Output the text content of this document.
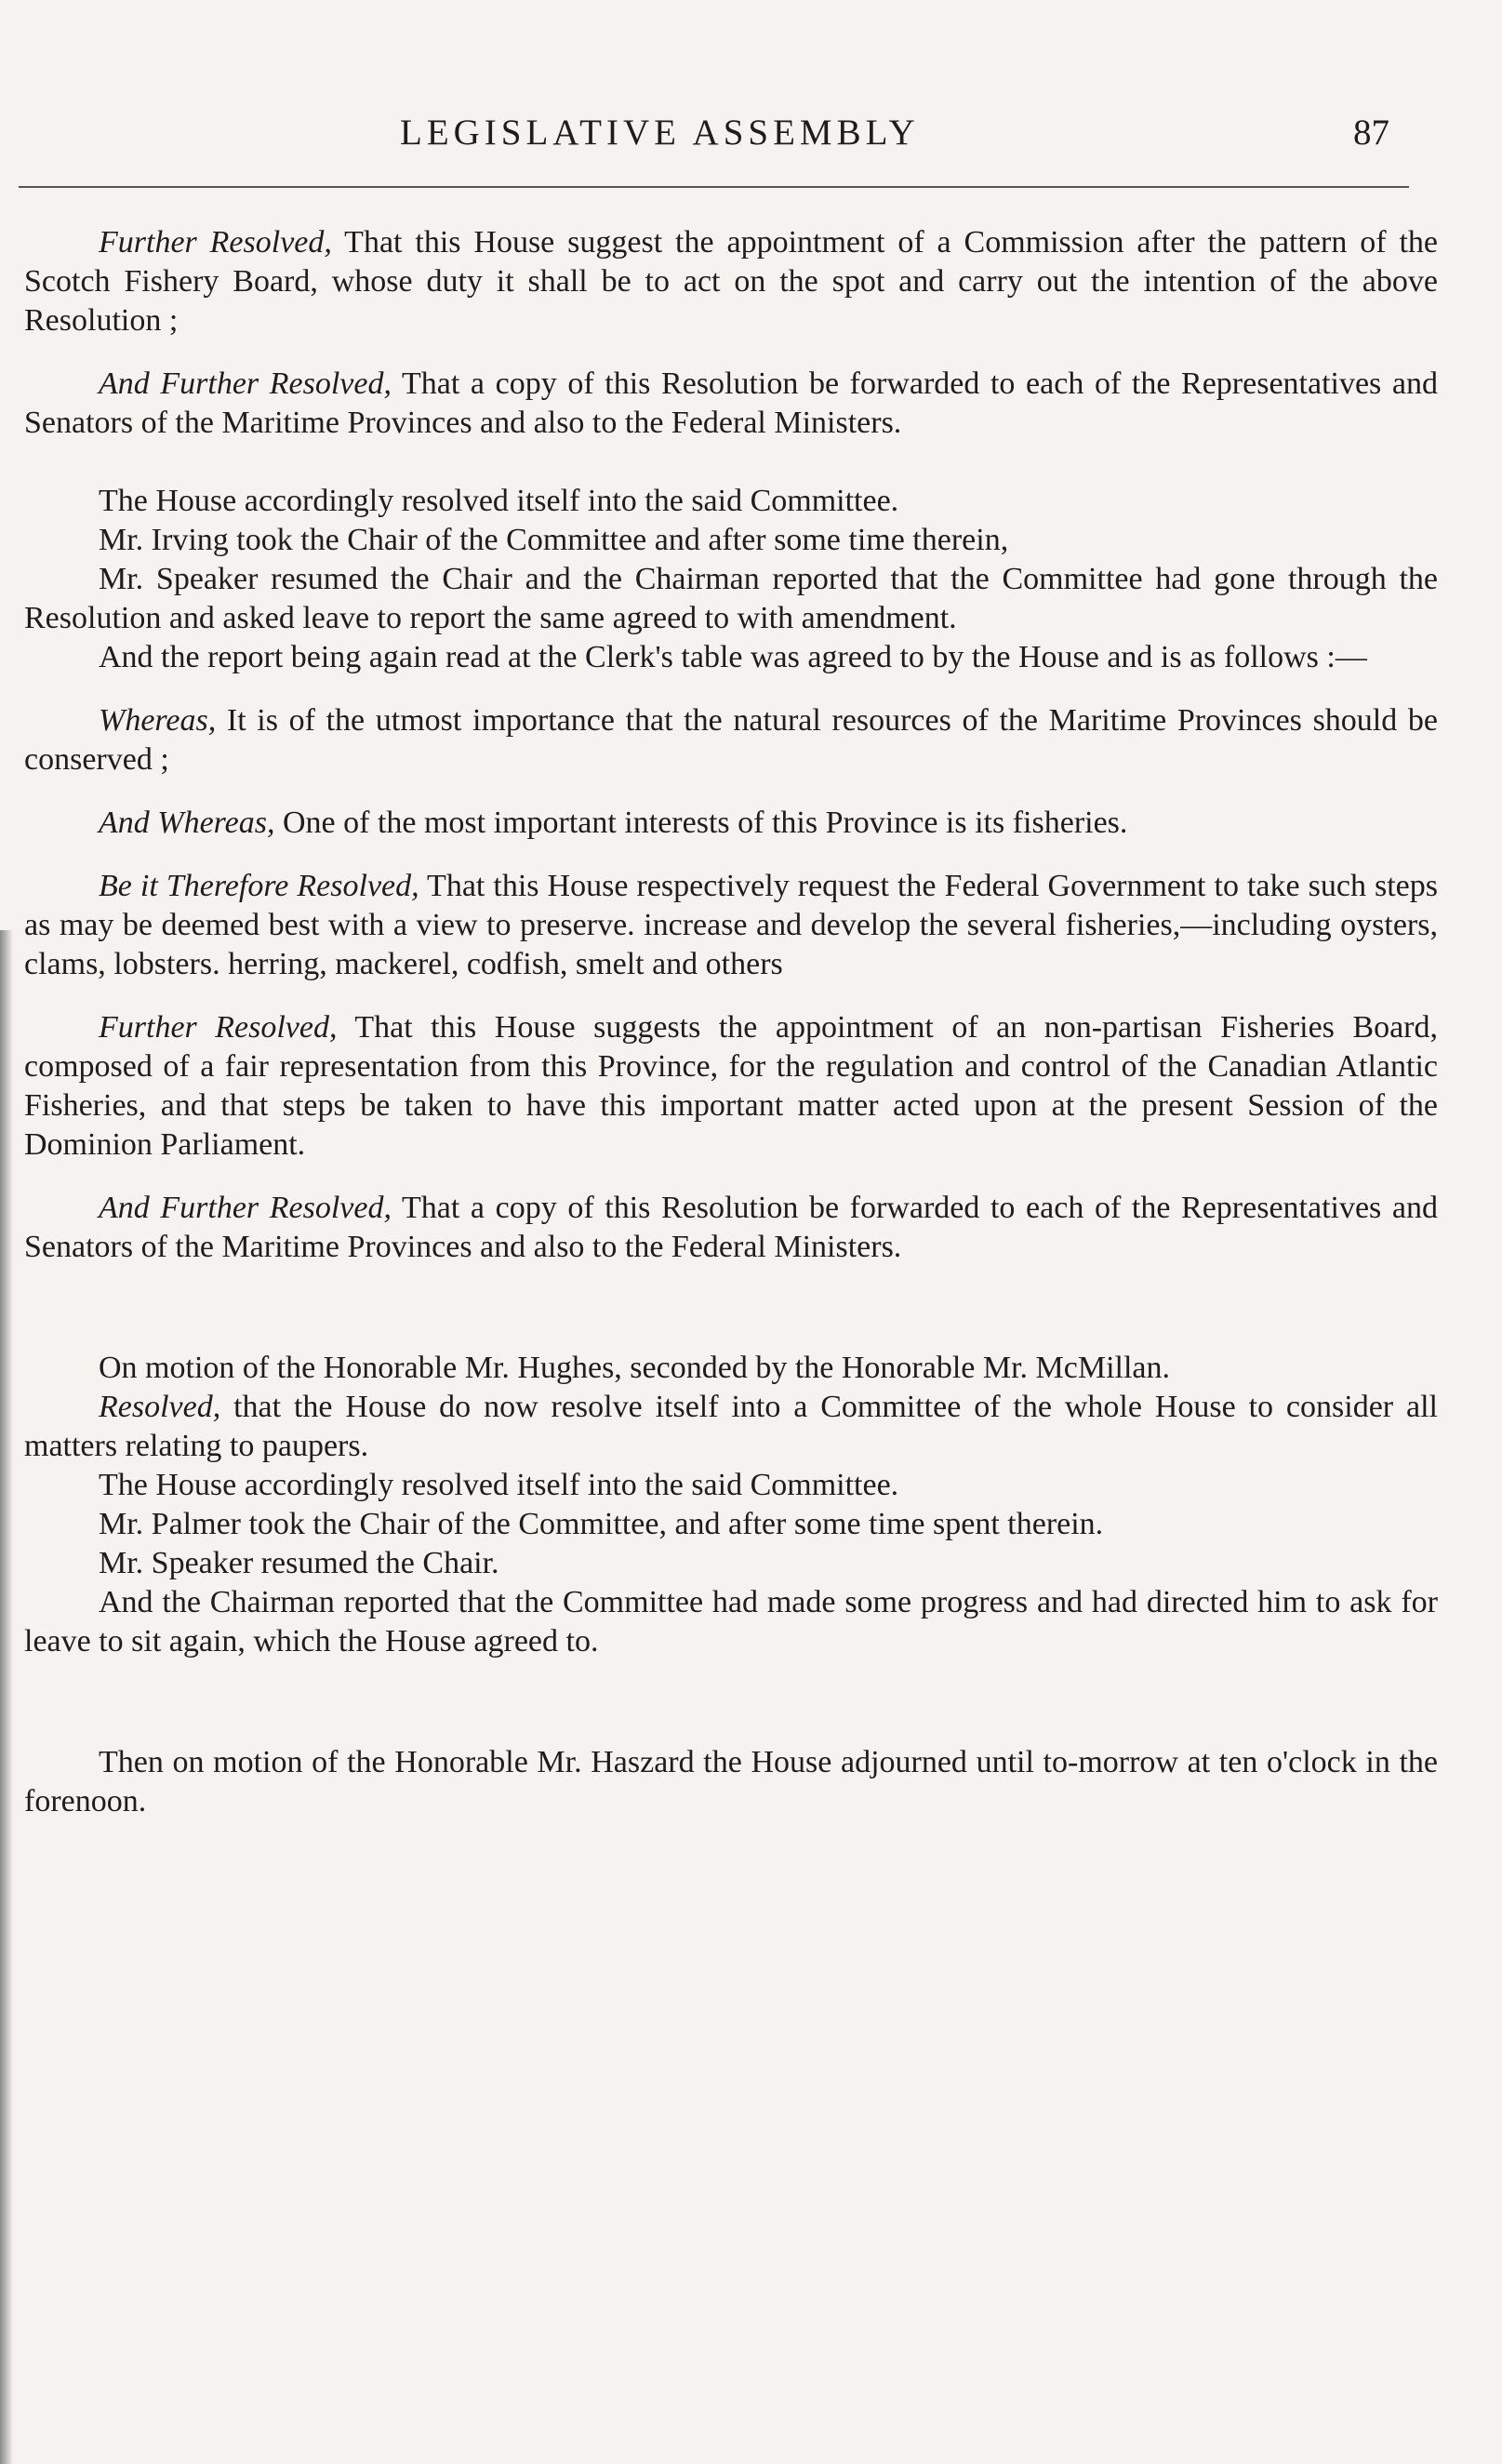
LEGISLATIVE ASSEMBLY	87

Further Resolved, That this House suggest the appointment of a Commission after the pattern of the Scotch Fishery Board, whose duty it shall be to act on the spot and carry out the intention of the above Resolution ;

And Further Resolved, That a copy of this Resolution be forwarded to each of the Representatives and Senators of the Maritime Provinces and also to the Federal Ministers.

The House accordingly resolved itself into the said Committee.

Mr. Irving took the Chair of the Committee and after some time therein,

Mr. Speaker resumed the Chair and the Chairman reported that the Committee had gone through the Resolution and asked leave to report the same agreed to with amendment.

And the report being again read at the Clerk's table was agreed to by the House and is as follows :—

Whereas, It is of the utmost importance that the natural resources of the Maritime Provinces should be conserved ;

And Whereas, One of the most important interests of this Province is its fisheries.

Be it Therefore Resolved, That this House respectively request the Federal Government to take such steps as may be deemed best with a view to preserve. increase and develop the several fisheries,—including oysters, clams, lobsters. herring, mackerel, codfish, smelt and others

Further Resolved, That this House suggests the appointment of an non-partisan Fisheries Board, composed of a fair representation from this Province, for the regulation and control of the Canadian Atlantic Fisheries, and that steps be taken to have this important matter acted upon at the present Session of the Dominion Parliament.

And Further Resolved, That a copy of this Resolution be forwarded to each of the Representatives and Senators of the Maritime Provinces and also to the Federal Ministers.

On motion of the Honorable Mr. Hughes, seconded by the Honorable Mr. McMillan.

Resolved, that the House do now resolve itself into a Committee of the whole House to consider all matters relating to paupers.

The House accordingly resolved itself into the said Committee.

Mr. Palmer took the Chair of the Committee, and after some time spent therein.

Mr. Speaker resumed the Chair.

And the Chairman reported that the Committee had made some progress and had directed him to ask for leave to sit again, which the House agreed to.

Then on motion of the Honorable Mr. Haszard the House adjourned until to-morrow at ten o'clock in the forenoon.
